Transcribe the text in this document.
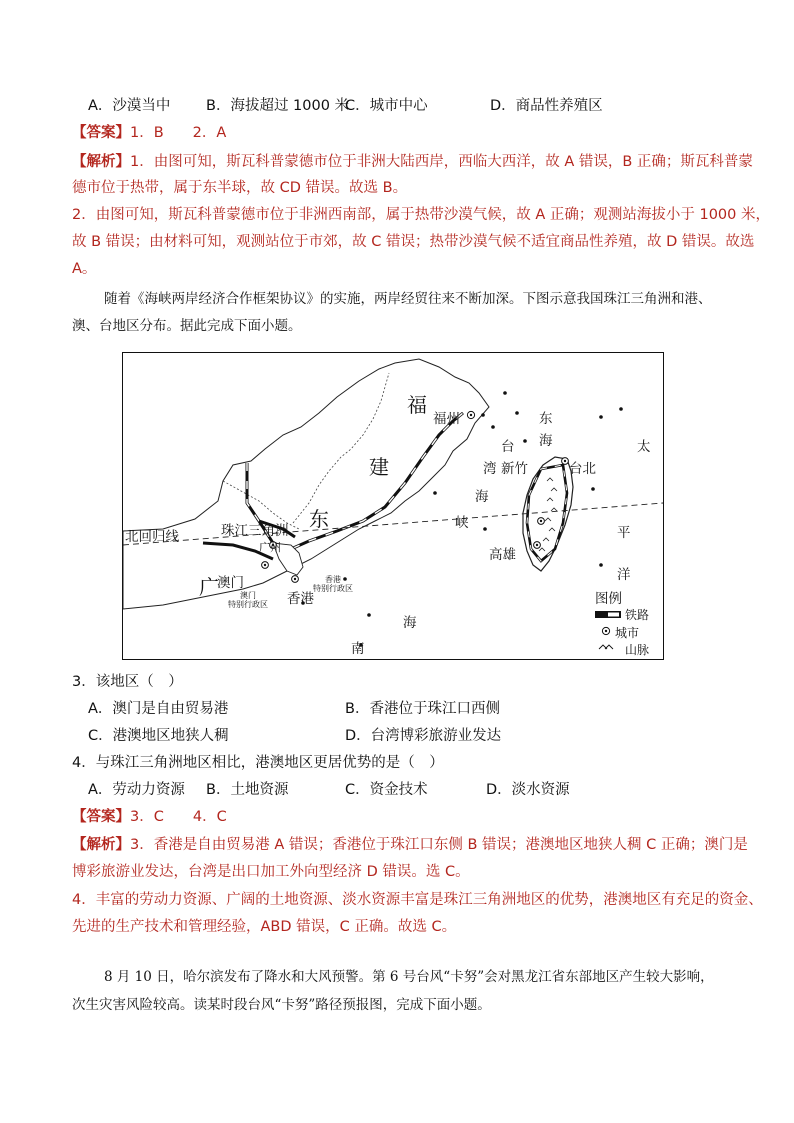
A．沙漠当中 B．海拔超过 1000 米
C．城市中心	D．商品性养殖区
【答案】1．B　　2．A
【解析】1．由图可知，斯瓦科普蒙德市位于非洲大陆西岸，西临大西洋，故 A 错误，B 正确；斯瓦科普蒙
德市位于热带，属于东半球，故 CD 错误。故选 B。
2．由图可知，斯瓦科普蒙德市位于非洲西南部，属于热带沙漠气候，故 A 正确；观测站海拔小于 1000 米，
故 B 错误；由材料可知，观测站位于市郊，故 C 错误；热带沙漠气候不适宜商品性养殖，故 D 错误。故选
A。
随着《海峡两岸经济合作框架协议》的实施，两岸经贸往来不断加深。下图示意我国珠江三角洲和港、
澳、台地区分布。据此完成下面小题。
福
建
东
广
福州	东
海
台
湾
海
峡
新竹	台北
高雄
太
平
洋
南
海
北回归线	珠江三角洲
广州
澳门
香港
澳门
特别行政区
香港
特别行政区
图例
铁路
城市
山脉
3．该地区（　）
A．澳门是自由贸易港	B．香港位于珠江口西侧
C．港澳地区地狭人稠	D．台湾博彩旅游业发达
4．与珠江三角洲地区相比，港澳地区更居优势的是（　）
A．劳动力资源 B．土地资源	C．资金技术	D．淡水资源
【答案】3．C　　4．C
【解析】3．香港是自由贸易港 A 错误；香港位于珠江口东侧 B 错误；港澳地区地狭人稠 C 正确；澳门是
博彩旅游业发达，台湾是出口加工外向型经济 D 错误。选 C。
4．丰富的劳动力资源、广阔的土地资源、淡水资源丰富是珠江三角洲地区的优势，港澳地区有充足的资金、
先进的生产技术和管理经验，ABD 错误，C 正确。故选 C。
8 月 10 日，哈尔滨发布了降水和大风预警。第 6 号台风“卡努”会对黑龙江省东部地区产生较大影响，
次生灾害风险较高。读某时段台风“卡努”路径预报图，完成下面小题。
